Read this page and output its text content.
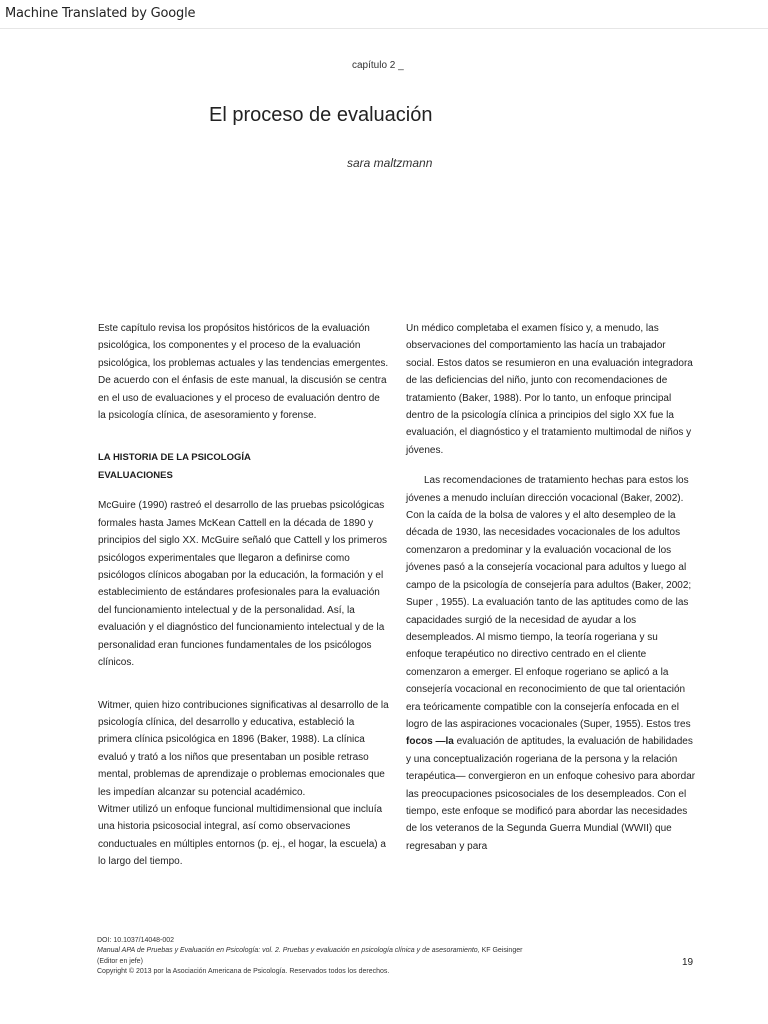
Machine Translated by Google
capítulo 2 _
El proceso de evaluación
sara maltzmann

Este capítulo revisa los propósitos históricos de la evaluación psicológica, los componentes y el proceso de la evaluación psicológica, los problemas actuales y las tendencias emergentes. De acuerdo con el énfasis de este manual, la discusión se centra en el uso de evaluaciones y el proceso de evaluación dentro de la psicología clínica, de asesoramiento y forense.

LA HISTORIA DE LA PSICOLOGÍA
EVALUACIONES

McGuire (1990) rastreó el desarrollo de las pruebas psicológicas formales hasta James McKean Cattell en la década de 1890 y principios del siglo XX. McGuire señaló que Cattell y los primeros psicólogos experimentales que llegaron a definirse como psicólogos clínicos abogaban por la educación, la formación y el establecimiento de estándares profesionales para la evaluación del funcionamiento intelectual y de la personalidad. Así, la evaluación y el diagnóstico del funcionamiento intelectual y de la personalidad eran funciones fundamentales de los psicólogos clínicos.

Witmer, quien hizo contribuciones significativas al desarrollo de la psicología clínica, del desarrollo y educativa, estableció la primera clínica psicológica en 1896 (Baker, 1988). La clínica evaluó y trató a los niños que presentaban un posible retraso mental, problemas de aprendizaje o problemas emocionales que les impedían alcanzar su potencial académico.

Witmer utilizó un enfoque funcional multidimensional que incluía una historia psicosocial integral, así como observaciones conductuales en múltiples entornos (p. ej., el hogar, la escuela) a lo largo del tiempo.

Un médico completaba el examen físico y, a menudo, las observaciones del comportamiento las hacía un trabajador social. Estos datos se resumieron en una evaluación integradora de las deficiencias del niño, junto con recomendaciones de tratamiento (Baker, 1988). Por lo tanto, un enfoque principal dentro de la psicología clínica a principios del siglo XX fue la evaluación, el diagnóstico y el tratamiento multimodal de niños y jóvenes.

Las recomendaciones de tratamiento hechas para estos los jóvenes a menudo incluían dirección vocacional (Baker, 2002). Con la caída de la bolsa de valores y el alto desempleo de la década de 1930, las necesidades vocacionales de los adultos comenzaron a predominar y la evaluación vocacional de los jóvenes pasó a la consejería vocacional para adultos y luego al campo de la psicología de consejería para adultos (Baker, 2002; Super , 1955). La evaluación tanto de las aptitudes como de las capacidades surgió de la necesidad de ayudar a los desempleados. Al mismo tiempo, la teoría rogeriana y su enfoque terapéutico no directivo centrado en el cliente comenzaron a emerger. El enfoque rogeriano se aplicó a la consejería vocacional en reconocimiento de que tal orientación era teóricamente compatible con la consejería enfocada en el logro de las aspiraciones vocacionales (Super, 1955). Estos tres focos —la evaluación de aptitudes, la evaluación de habilidades y una conceptualización rogeriana de la persona y la relación terapéutica— convergieron en un enfoque cohesivo para abordar las preocupaciones psicosociales de los desempleados. Con el tiempo, este enfoque se modificó para abordar las necesidades de los veteranos de la Segunda Guerra Mundial (WWII) que regresaban y para

DOI: 10.1037/14048-002
Manual APA de Pruebas y Evaluación en Psicología: vol. 2. Pruebas y evaluación en psicología clínica y de asesoramiento, KF Geisinger
(Editor en jefe)
Copyright © 2013 por la Asociación Americana de Psicología. Reservados todos los derechos.
19
